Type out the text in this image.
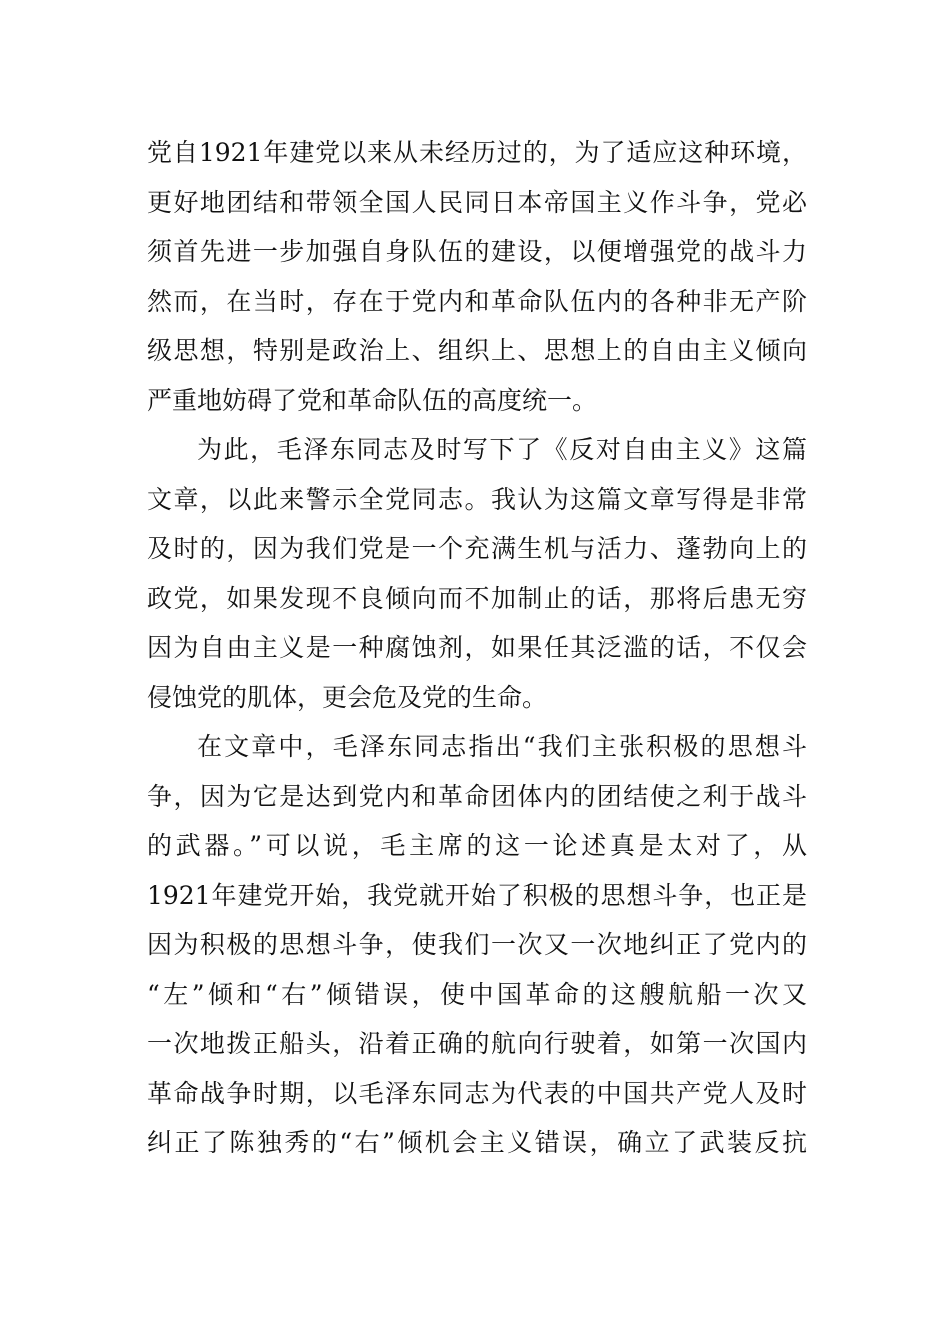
党自1921年建党以来从未经历过的，为了适应这种环境，
更好地团结和带领全国人民同日本帝国主义作斗争，党必
须首先进一步加强自身队伍的建设，以便增强党的战斗力
然而，在当时，存在于党内和革命队伍内的各种非无产阶
级思想，特别是政治上、组织上、思想上的自由主义倾向
严重地妨碍了党和革命队伍的高度统一。
为此，毛泽东同志及时写下了《反对自由主义》这篇
文章，以此来警示全党同志。我认为这篇文章写得是非常
及时的，因为我们党是一个充满生机与活力、蓬勃向上的
政党，如果发现不良倾向而不加制止的话，那将后患无穷
因为自由主义是一种腐蚀剂，如果任其泛滥的话，不仅会
侵蚀党的肌体，更会危及党的生命。
在文章中，毛泽东同志指出“我们主张积极的思想斗
争，因为它是达到党内和革命团体内的团结使之利于战斗
的武器。”可以说，毛主席的这一论述真是太对了，从
1921年建党开始，我党就开始了积极的思想斗争，也正是
因为积极的思想斗争，使我们一次又一次地纠正了党内的
“左”倾和“右”倾错误，使中国革命的这艘航船一次又
一次地拨正船头，沿着正确的航向行驶着，如第一次国内
革命战争时期，以毛泽东同志为代表的中国共产党人及时
纠正了陈独秀的“右”倾机会主义错误，确立了武装反抗
